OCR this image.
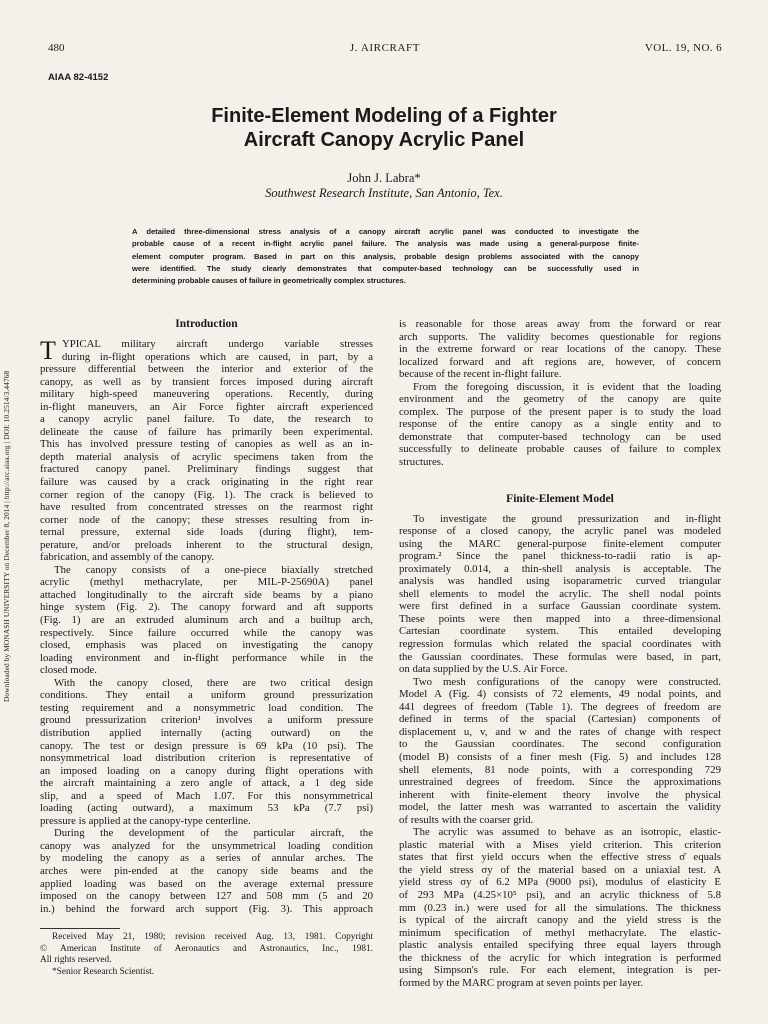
480	J. AIRCRAFT	VOL. 19, NO. 6
AIAA 82-4152
Finite-Element Modeling of a Fighter
Aircraft Canopy Acrylic Panel
John J. Labra*
Southwest Research Institute, San Antonio, Tex.
A detailed three-dimensional stress analysis of a canopy aircraft acrylic panel was conducted to investigate the
probable cause of a recent in-flight acrylic panel failure. The analysis was made using a general-purpose finite-
element computer program. Based in part on this analysis, probable design problems associated with the canopy
were identified. The study clearly demonstrates that computer-based technology can be successfully used in
determining probable causes of failure in geometrically complex structures.
Downloaded by MONASH UNIVERSITY on December 8, 2014 | http://arc.aiaa.org | DOI: 10.2514/3.44768
Introduction
T YPICAL military aircraft undergo variable stresses
during in-flight operations which are caused, in part, by a
pressure differential between the interior and exterior of the
canopy, as well as by transient forces imposed during aircraft
military high-speed maneuvering operations. Recently, during
in-flight maneuvers, an Air Force fighter aircraft experienced
a canopy acrylic panel failure. To date, the research to
delineate the cause of failure has primarily been experimental.
This has involved pressure testing of canopies as well as an in-
depth material analysis of acrylic specimens taken from the
fractured canopy panel. Preliminary findings suggest that
failure was caused by a crack originating in the right rear
corner region of the canopy (Fig. 1). The crack is believed to
have resulted from concentrated stresses on the rearmost right
corner node of the canopy; these stresses resulting from in-
ternal pressure, external side loads (during flight), tem-
perature, and/or preloads inherent to the structural design,
fabrication, and assembly of the canopy.
The canopy consists of a one-piece biaxially stretched
acrylic (methyl methacrylate, per MIL-P-25690A) panel
attached longitudinally to the aircraft side beams by a piano
hinge system (Fig. 2). The canopy forward and aft supports
(Fig. 1) are an extruded aluminum arch and a builtup arch,
respectively. Since failure occurred while the canopy was
closed, emphasis was placed on investigating the canopy
loading environment and in-flight performance while in the
closed mode.
With the canopy closed, there are two critical design
conditions. They entail a uniform ground pressurization
testing requirement and a nonsymmetric load condition. The
ground pressurization criterion¹ involves a uniform pressure
distribution applied internally (acting outward) on the
canopy. The test or design pressure is 69 kPa (10 psi). The
nonsymmetrical load distribution criterion is representative of
an imposed loading on a canopy during flight operations with
the aircraft maintaining a zero angle of attack, a 1 deg side
slip, and a speed of Mach 1.07. For this nonsymmetrical
loading (acting outward), a maximum 53 kPa (7.7 psi)
pressure is applied at the canopy-type centerline.
During the development of the particular aircraft, the
canopy was analyzed for the unsymmetrical loading condition
by modeling the canopy as a series of annular arches. The
arches were pin-ended at the canopy side beams and the
applied loading was based on the average external pressure
imposed on the canopy between 127 and 508 mm (5 and 20
in.) behind the forward arch support (Fig. 3). This approach
Received May 21, 1980; revision received Aug. 13, 1981. Copyright
© American Institute of Aeronautics and Astronautics, Inc., 1981.
All rights reserved.
*Senior Research Scientist.
is reasonable for those areas away from the forward or rear
arch supports. The validity becomes questionable for regions
in the extreme forward or rear locations of the canopy. These
localized forward and aft regions are, however, of concern
because of the recent in-flight failure.
From the foregoing discussion, it is evident that the loading
environment and the geometry of the canopy are quite
complex. The purpose of the present paper is to study the load
response of the entire canopy as a single entity and to
demonstrate that computer-based technology can be used
successfully to delineate probable causes of failure to complex
structures.
Finite-Element Model
To investigate the ground pressurization and in-flight
response of a closed canopy, the acrylic panel was modeled
using the MARC general-purpose finite-element computer
program.² Since the panel thickness-to-radii ratio is ap-
proximately 0.014, a thin-shell analysis is acceptable. The
analysis was handled using isoparametric curved triangular
shell elements to model the acrylic. The shell nodal points
were first defined in a surface Gaussian coordinate system.
These points were then mapped into a three-dimensional
Cartesian coordinate system. This entailed developing
regression formulas which related the spacial coordinates with
the Gaussian coordinates. These formulas were based, in part,
on data supplied by the U.S. Air Force.
Two mesh configurations of the canopy were constructed.
Model A (Fig. 4) consists of 72 elements, 49 nodal points, and
441 degrees of freedom (Table 1). The degrees of freedom are
defined in terms of the spacial (Cartesian) components of
displacement u, v, and w and the rates of change with respect
to the Gaussian coordinates. The second configuration
(model B) consists of a finer mesh (Fig. 5) and includes 128
shell elements, 81 node points, with a corresponding 729
unrestrained degrees of freedom. Since the approximations
inherent with finite-element theory involve the physical
model, the latter mesh was warranted to ascertain the validity
of results with the coarser grid.
The acrylic was assumed to behave as an isotropic, elastic-
plastic material with a Mises yield criterion. This criterion
states that first yield occurs when the effective stress σ̄ equals
the yield stress σy of the material based on a uniaxial test. A
yield stress σy of 6.2 MPa (9000 psi), modulus of elasticity E
of 293 MPa (4.25×10⁵ psi), and an acrylic thickness of 5.8
mm (0.23 in.) were used for all the simulations. The thickness
is typical of the aircraft canopy and the yield stress is the
minimum specification of methyl methacrylate. The elastic-
plastic analysis entailed specifying three equal layers through
the thickness of the acrylic for which integration is performed
using Simpson's rule. For each element, integration is per-
formed by the MARC program at seven points per layer.
